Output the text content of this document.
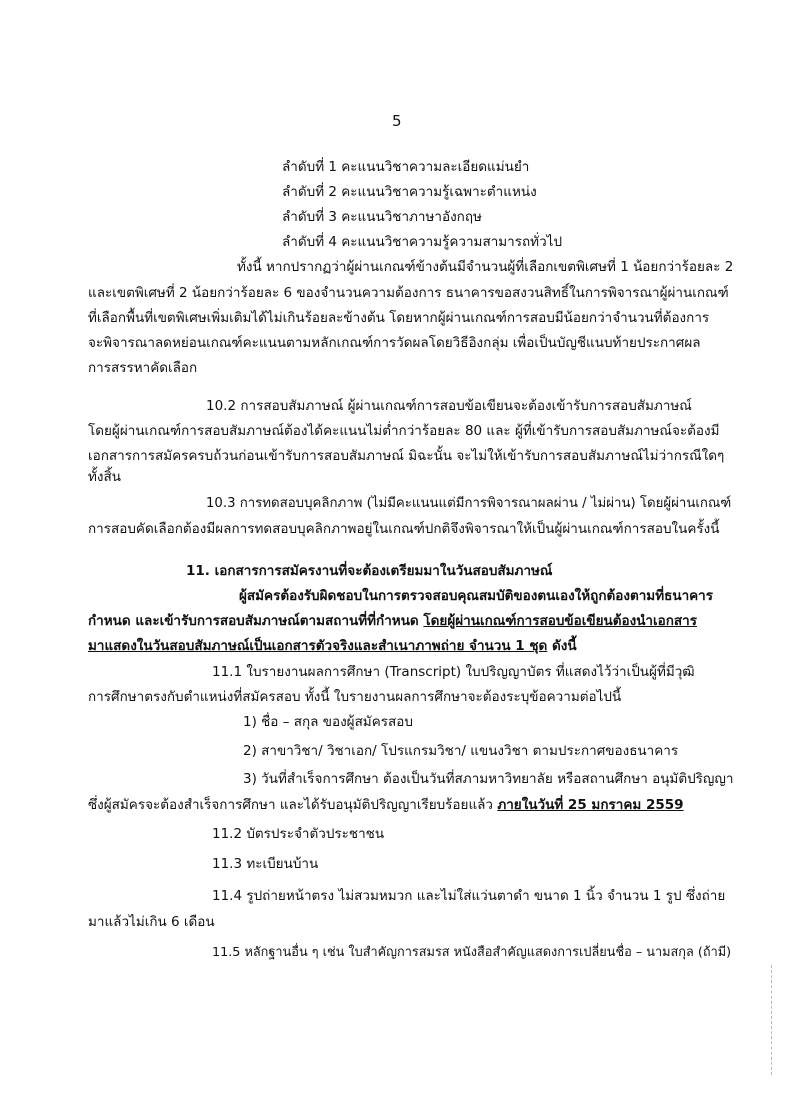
5
ลำดับที่ 1 คะแนนวิชาความละเอียดแม่นยำ
ลำดับที่ 2 คะแนนวิชาความรู้เฉพาะตำแหน่ง
ลำดับที่ 3 คะแนนวิชาภาษาอังกฤษ
ลำดับที่ 4 คะแนนวิชาความรู้ความสามารถทั่วไป
ทั้งนี้ หากปรากฏว่าผู้ผ่านเกณฑ์ข้างต้นมีจำนวนผู้ที่เลือกเขตพิเศษที่ 1 น้อยกว่าร้อยละ 2
และเขตพิเศษที่ 2 น้อยกว่าร้อยละ 6 ของจำนวนความต้องการ ธนาคารขอสงวนสิทธิ์ในการพิจารณาผู้ผ่านเกณฑ์
ที่เลือกพื้นที่เขตพิเศษเพิ่มเติมได้ไม่เกินร้อยละข้างต้น โดยหากผู้ผ่านเกณฑ์การสอบมีน้อยกว่าจำนวนที่ต้องการ
จะพิจารณาลดหย่อนเกณฑ์คะแนนตามหลักเกณฑ์การวัดผลโดยวิธีอิงกลุ่ม เพื่อเป็นบัญชีแนบท้ายประกาศผล
การสรรหาคัดเลือก
10.2 การสอบสัมภาษณ์ ผู้ผ่านเกณฑ์การสอบข้อเขียนจะต้องเข้ารับการสอบสัมภาษณ์
โดยผู้ผ่านเกณฑ์การสอบสัมภาษณ์ต้องได้คะแนนไม่ต่ำกว่าร้อยละ 80 และ ผู้ที่เข้ารับการสอบสัมภาษณ์จะต้องมี
เอกสารการสมัครครบถ้วนก่อนเข้ารับการสอบสัมภาษณ์ มิฉะนั้น จะไม่ให้เข้ารับการสอบสัมภาษณ์ไม่ว่ากรณีใดๆ
ทั้งสิ้น
10.3 การทดสอบบุคลิกภาพ (ไม่มีคะแนนแต่มีการพิจารณาผลผ่าน / ไม่ผ่าน) โดยผู้ผ่านเกณฑ์
การสอบคัดเลือกต้องมีผลการทดสอบบุคลิกภาพอยู่ในเกณฑ์ปกติจึงพิจารณาให้เป็นผู้ผ่านเกณฑ์การสอบในครั้งนี้
11. เอกสารการสมัครงานที่จะต้องเตรียมมาในวันสอบสัมภาษณ์
ผู้สมัครต้องรับผิดชอบในการตรวจสอบคุณสมบัติของตนเองให้ถูกต้องตามที่ธนาคาร
กำหนด และเข้ารับการสอบสัมภาษณ์ตามสถานที่ที่กำหนด โดยผู้ผ่านเกณฑ์การสอบข้อเขียนต้องนำเอกสาร
มาแสดงในวันสอบสัมภาษณ์เป็นเอกสารตัวจริงและสำเนาภาพถ่าย จำนวน 1 ชุด ดังนี้
11.1 ใบรายงานผลการศึกษา (Transcript) ใบปริญญาบัตร ที่แสดงไว้ว่าเป็นผู้ที่มีวุฒิ
การศึกษาตรงกับตำแหน่งที่สมัครสอบ ทั้งนี้ ใบรายงานผลการศึกษาจะต้องระบุข้อความต่อไปนี้
1) ชื่อ – สกุล ของผู้สมัครสอบ
2) สาขาวิชา/ วิชาเอก/ โปรแกรมวิชา/ แขนงวิชา ตามประกาศของธนาคาร
3) วันที่สำเร็จการศึกษา ต้องเป็นวันที่สภามหาวิทยาลัย หรือสถานศึกษา อนุมัติปริญญา
ซึ่งผู้สมัครจะต้องสำเร็จการศึกษา และได้รับอนุมัติปริญญาเรียบร้อยแล้ว ภายในวันที่ 25 มกราคม 2559
11.2 บัตรประจำตัวประชาชน
11.3 ทะเบียนบ้าน
11.4 รูปถ่ายหน้าตรง ไม่สวมหมวก และไม่ใส่แว่นตาดำ ขนาด 1 นิ้ว จำนวน 1 รูป ซึ่งถ่าย
มาแล้วไม่เกิน 6 เดือน
11.5 หลักฐานอื่น ๆ เช่น ใบสำคัญการสมรส หนังสือสำคัญแสดงการเปลี่ยนชื่อ – นามสกุล (ถ้ามี)
